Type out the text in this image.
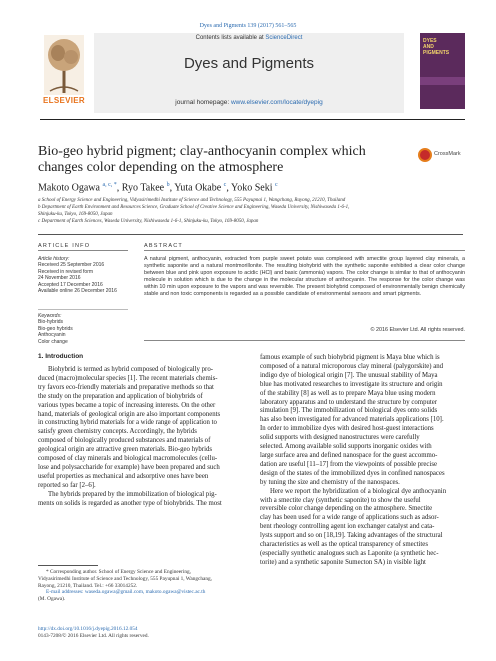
Dyes and Pigments 139 (2017) 561–565
ELSEVIER
Contents lists available at ScienceDirect
Dyes and Pigments
journal homepage: www.elsevier.com/locate/dyepig
DYES
AND
PIGMENTS
Bio-geo hybrid pigment; clay-anthocyanin complex which changes color depending on the atmosphere
CrossMark
Makoto Ogawa $^{a, c, *}$, Ryo Takee $^b$, Yuta Okabe $^c$, Yoko Seki $^c$
a School of Energy Science and Engineering, Vidyasirimedhi Institute of Science and Technology, 555 Payupnai 1, Wangchang, Rayong, 21210, Thailand
b Department of Earth Environment and Resources Science, Graduate School of Creative Science and Engineering, Waseda University, Nishiwaseda 1-6-1,
Shinjuku-ku, Tokyo, 169-8050, Japan
c Department of Earth Sciences, Waseda University, Nishiwaseda 1-6-1, Shinjuku-ku, Tokyo, 169-8050, Japan
ARTICLE INFO
Article history:
Received 25 September 2016
Received in revised form
24 November 2016
Accepted 17 December 2016
Available online 26 December 2016
Keywords:
Bio-hybrids
Bio-geo hybrids
Anthocyanin
Color change
ABSTRACT
A natural pigment, anthocyanin, extracted from purple sweet potato was complexed with smectite group layered clay minerals, a synthetic saponite and a natural montmorillonite. The resulting biohybrid with the synthetic saponite exhibited a clear color change between blue and pink upon exposure to acidic (HCl) and basic (ammonia) vapors. The color change is similar to that of anthocyanin molecule in solution which is due to the change in the molecular structure of anthocyanin. The response for the color change was within 10 min upon exposure to the vapors and was reversible. The present biohybrid composed of environmentally benign chemically stable and non toxic components is regarded as a possible candidate of environmental sensors and smart pigments.
© 2016 Elsevier Ltd. All rights reserved.
1. Introduction
Biohybrid is termed as hybrid composed of biologically pro-
duced (macro)molecular species [1]. The recent materials chemis-
try favors eco-friendly materials and preparative methods so that
the study on the preparation and application of biohybrids of
various types became a topic of increasing interests. On the other
hand, materials of geological origin are also important components
in constructing hybrid materials for a wide range of application to
satisfy green chemistry concepts. Accordingly, the hybrids
composed of biologically produced substances and materials of
geological origin are attractive green materials. Bio-geo hybrids
composed of clay minerals and biological macromolecules (cellu-
lose and polysaccharide for example) have been prepared and such
useful properties as mechanical and adsorptive ones have been
reported so far [2–6].
The hybrids prepared by the immobilization of biological pig-
ments on solids is regarded as another type of biohybrids. The most
famous example of such biohybrid pigment is Maya blue which is
composed of a natural microporous clay mineral (palygorskite) and
indigo dye of biological origin [7]. The unusual stability of Maya
blue has motivated researches to investigate its structure and origin
of the stability [8] as well as to prepare Maya blue using modern
laboratory apparatus and to understand the structure by computer
simulation [9]. The immobilization of biological dyes onto solids
has also been investigated for advanced materials applications [10].
In order to immobilize dyes with desired host-guest interactions
solid supports with designed nanostructures were carefully
selected. Among available solid supports inorganic oxides with
large surface area and defined nanospace for the guest accommo-
dation are useful [11–17] from the viewpoints of possible precise
design of the states of the immobilized dyes in confined nanospaces
by tuning the size and chemistry of the nanospaces.
Here we report the hybridization of a biological dye anthocyanin
with a smectite clay (synthetic saponite) to show the useful
reversible color change depending on the atmosphere. Smectite
clay has been used for a wide range of applications such as adsor-
bent rheology controlling agent ion exchanger catalyst and cata-
lysts support and so on [18,19]. Taking advantages of the structural
characteristics as well as the optical transparency of smectites
(especially synthetic analogues such as Laponite (a synthetic hec-
torite) and a synthetic saponite Sumecton SA) in visible light
* Corresponding author. School of Energy Science and Engineering,
Vidyasirimedhi Institute of Science and Technology, 555 Payupnai 1, Wangchang,
Rayong, 21210, Thailand. Tel.: +66 33014252.
E-mail addresses: waseda.ogawa@gmail.com, makoto.ogawa@vistec.ac.th
(M. Ogawa).
http://dx.doi.org/10.1016/j.dyepig.2016.12.054
0143-7208/© 2016 Elsevier Ltd. All rights reserved.
